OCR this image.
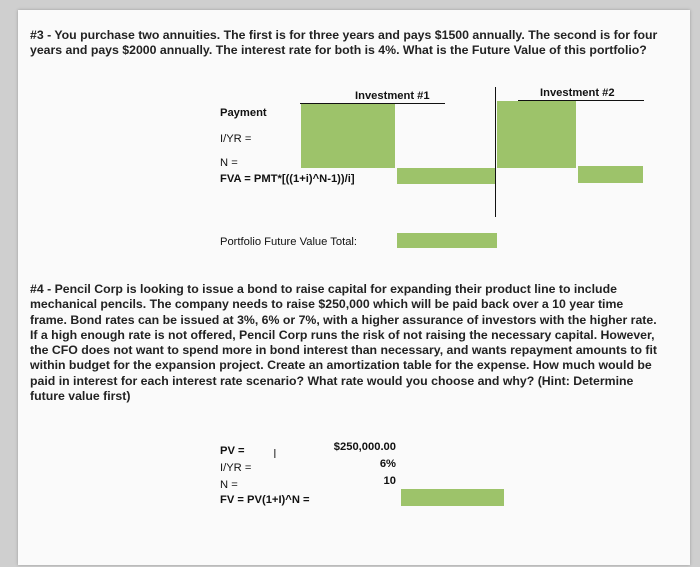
#3 - You purchase two annuities. The first is for three years and pays $1500 annually. The second is for four years and pays $2000 annually. The interest rate for both is 4%. What is the Future Value of this portfolio?

Investment #1	Investment #2
Payment
I/YR =
N =
FVA = PMT*[((1+i)^N-1))/i]
Portfolio Future Value Total:

#4 - Pencil Corp is looking to issue a bond to raise capital for expanding their product line to include mechanical pencils. The company needs to raise $250,000 which will be paid back over a 10 year time frame. Bond rates can be issued at 3%, 6% or 7%, with a higher assurance of investors with the higher rate. If a high enough rate is not offered, Pencil Corp runs the risk of not raising the necessary capital. However, the CFO does not want to spend more in bond interest than necessary, and wants repayment amounts to fit within budget for the expansion project. Create an amortization table for the expense. How much would be paid in interest for each interest rate scenario? What rate would you choose and why? (Hint: Determine future value first)

PV = I	$250,000.00
I/YR =	6%
N =	10
FV = PV(1+I)^N =
